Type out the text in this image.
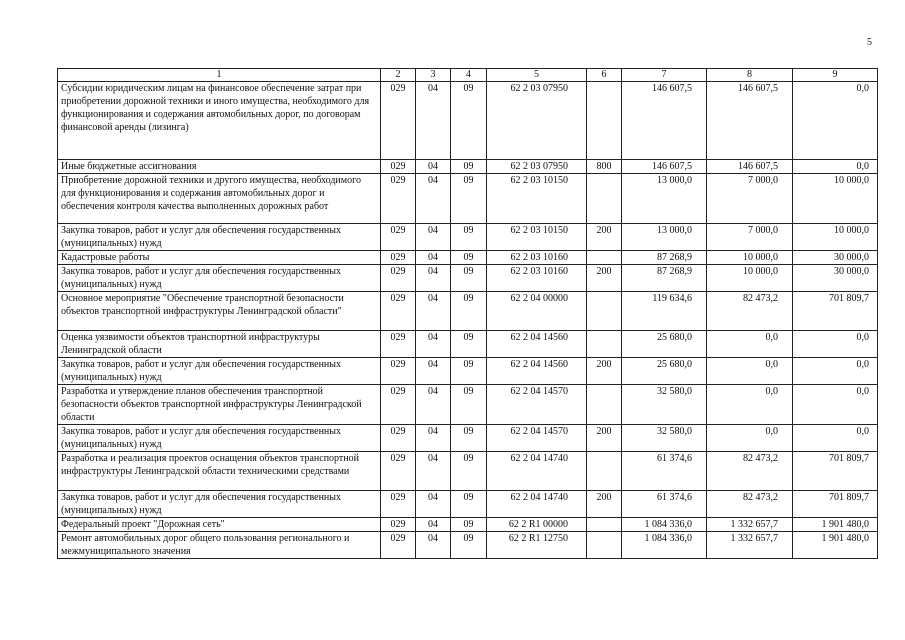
5
1	2	3	4	5	6	7	8	9
Субсидии юридическим лицам на финансовое обеспечение затрат при приобретении дорожной техники и иного имущества, необходимого для функционирования и содержания автомобильных дорог, по договорам финансовой аренды (лизинга)	029	04	09	62 2 03 07950		146 607,5	146 607,5	0,0
Иные бюджетные ассигнования	029	04	09	62 2 03 07950	800	146 607,5	146 607,5	0,0
Приобретение дорожной техники и другого имущества, необходимого для функционирования и содержания автомобильных дорог и обеспечения контроля качества выполненных дорожных работ	029	04	09	62 2 03 10150		13 000,0	7 000,0	10 000,0
Закупка товаров, работ и услуг для обеспечения государственных (муниципальных) нужд	029	04	09	62 2 03 10150	200	13 000,0	7 000,0	10 000,0
Кадастровые работы	029	04	09	62 2 03 10160		87 268,9	10 000,0	30 000,0
Закупка товаров, работ и услуг для обеспечения государственных (муниципальных) нужд	029	04	09	62 2 03 10160	200	87 268,9	10 000,0	30 000,0
Основное мероприятие "Обеспечение транспортной безопасности объектов транспортной инфраструктуры Ленинградской области"	029	04	09	62 2 04 00000		119 634,6	82 473,2	701 809,7
Оценка уязвимости объектов транспортной инфраструктуры Ленинградской области	029	04	09	62 2 04 14560		25 680,0	0,0	0,0
Закупка товаров, работ и услуг для обеспечения государственных (муниципальных) нужд	029	04	09	62 2 04 14560	200	25 680,0	0,0	0,0
Разработка и утверждение планов обеспечения транспортной безопасности объектов транспортной инфраструктуры Ленинградской области	029	04	09	62 2 04 14570		32 580,0	0,0	0,0
Закупка товаров, работ и услуг для обеспечения государственных (муниципальных) нужд	029	04	09	62 2 04 14570	200	32 580,0	0,0	0,0
Разработка и реализация проектов оснащения объектов транспортной инфраструктуры Ленинградской области техническими средствами	029	04	09	62 2 04 14740		61 374,6	82 473,2	701 809,7
Закупка товаров, работ и услуг для обеспечения государственных (муниципальных) нужд	029	04	09	62 2 04 14740	200	61 374,6	82 473,2	701 809,7
Федеральный проект "Дорожная сеть"	029	04	09	62 2 R1 00000		1 084 336,0	1 332 657,7	1 901 480,0
Ремонт автомобильных дорог общего пользования регионального и межмуниципального значения	029	04	09	62 2 R1 12750		1 084 336,0	1 332 657,7	1 901 480,0
